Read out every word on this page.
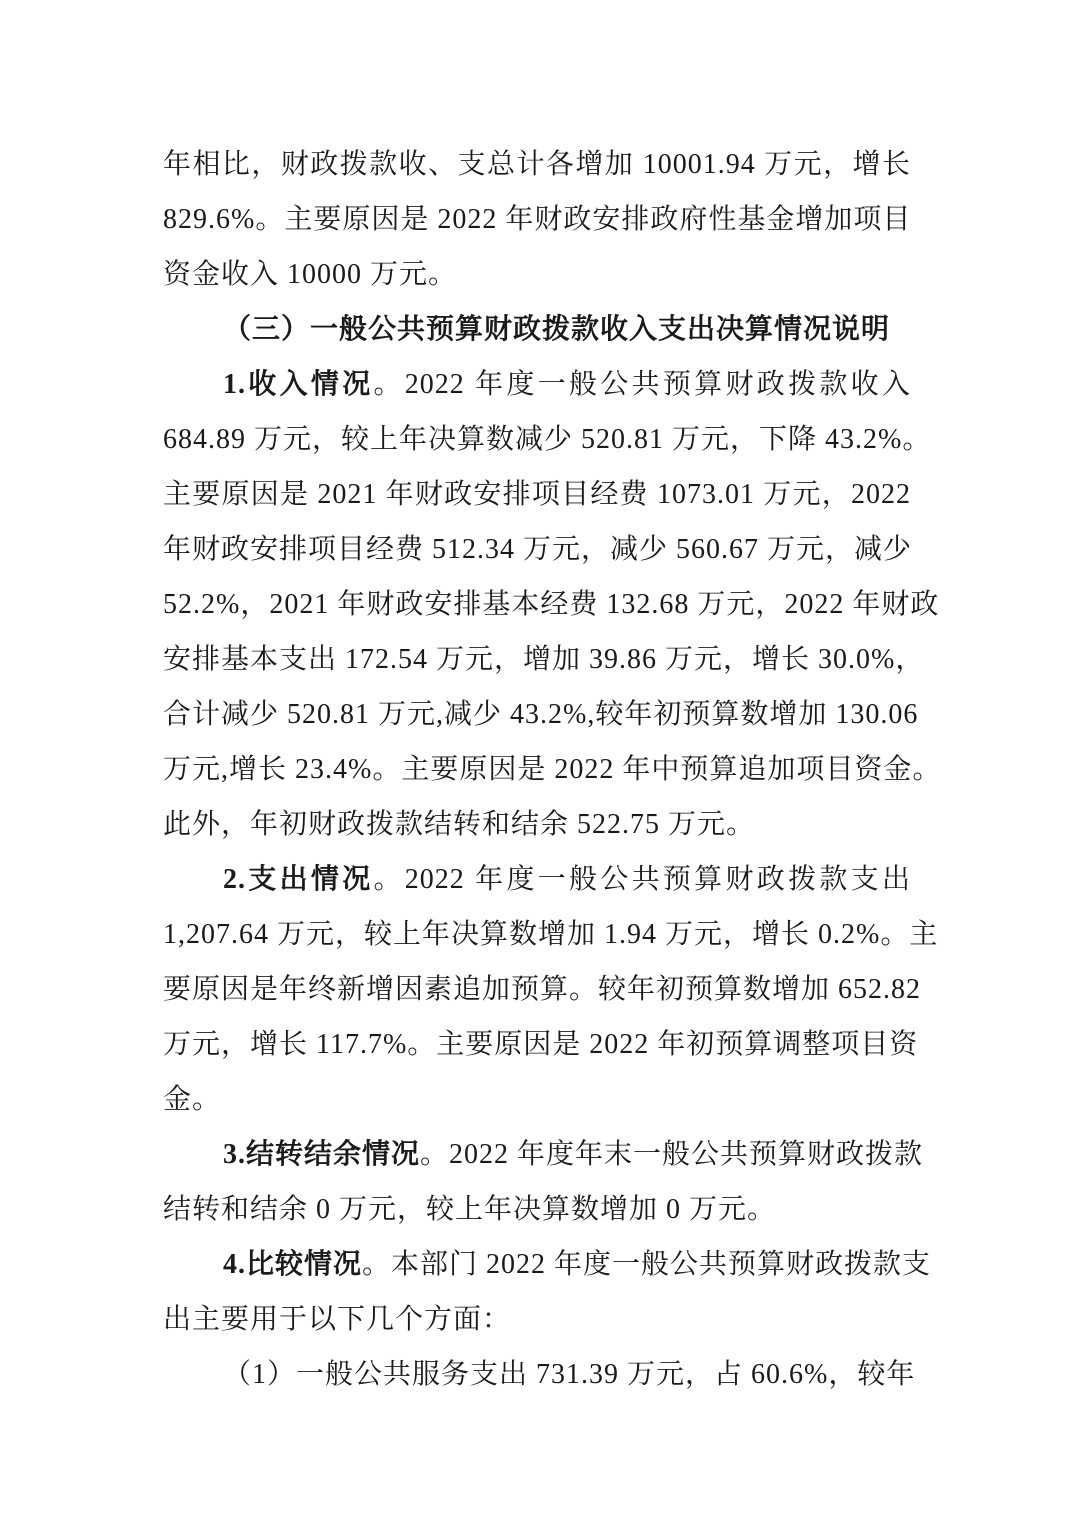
年相比，财政拨款收、支总计各增加 10001.94 万元，增长
829.6%。主要原因是 2022 年财政安排政府性基金增加项目
资金收入 10000 万元。
（三）一般公共预算财政拨款收入支出决算情况说明
1.收入情况。2022 年度一般公共预算财政拨款收入
684.89 万元，较上年决算数减少 520.81 万元，下降 43.2%。
主要原因是 2021 年财政安排项目经费 1073.01 万元，2022
年财政安排项目经费 512.34 万元，减少 560.67 万元，减少
52.2%，2021 年财政安排基本经费 132.68 万元，2022 年财政
安排基本支出 172.54 万元，增加 39.86 万元，增长 30.0%，
合计减少 520.81 万元,减少 43.2%,较年初预算数增加 130.06
万元,增长 23.4%。主要原因是 2022 年中预算追加项目资金。
此外，年初财政拨款结转和结余 522.75 万元。
2.支出情况。2022 年度一般公共预算财政拨款支出
1,207.64 万元，较上年决算数增加 1.94 万元，增长 0.2%。主
要原因是年终新增因素追加预算。较年初预算数增加 652.82
万元，增长 117.7%。主要原因是 2022 年初预算调整项目资
金。
3.结转结余情况。2022 年度年末一般公共预算财政拨款
结转和结余 0 万元，较上年决算数增加 0 万元。
4.比较情况。本部门 2022 年度一般公共预算财政拨款支
出主要用于以下几个方面：
（1）一般公共服务支出 731.39 万元，占 60.6%，较年
